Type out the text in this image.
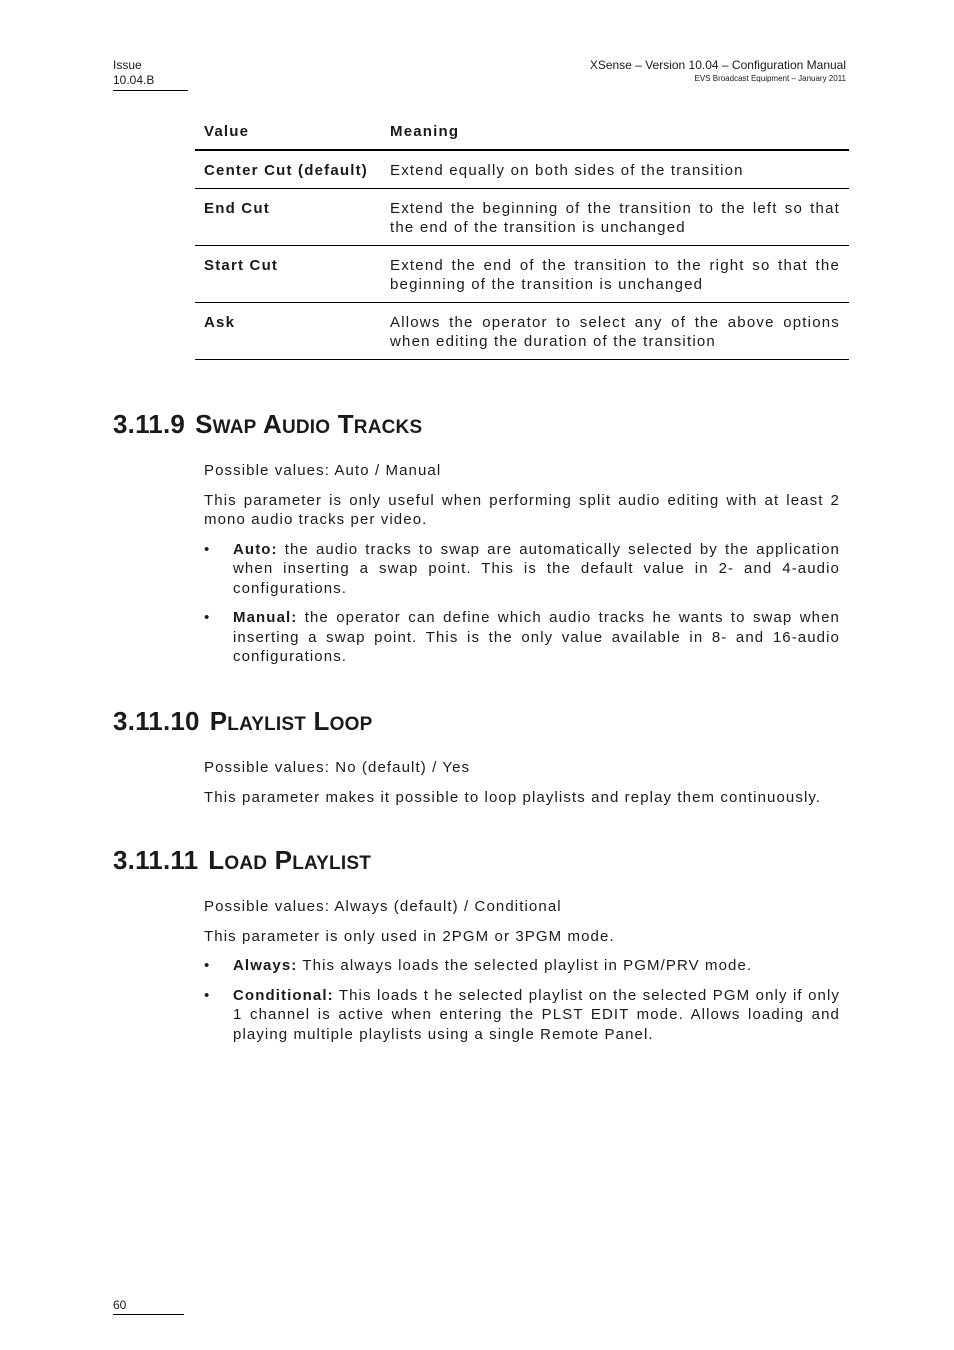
Issue
10.04.B
XSense – Version 10.04 – Configuration Manual
EVS Broadcast Equipment – January 2011
Value	Meaning
Center Cut (default)	Extend equally on both sides of the transition
End Cut	Extend the beginning of the transition to the left so that the end of the transition is unchanged
Start Cut	Extend the end of the transition to the right so that the beginning of the transition is unchanged
Ask	Allows the operator to select any of the above options when editing the duration of the transition
3.11.9 SWAP AUDIO TRACKS

Possible values: Auto / Manual

This parameter is only useful when performing split audio editing with at least 2 mono audio tracks per video.

• Auto: the audio tracks to swap are automatically selected by the application when inserting a swap point. This is the default value in 2- and 4-audio configurations.
• Manual: the operator can define which audio tracks he wants to swap when inserting a swap point. This is the only value available in 8- and 16-audio configurations.
3.11.10 PLAYLIST LOOP

Possible values: No (default) / Yes

This parameter makes it possible to loop playlists and replay them continuously.

3.11.11 LOAD PLAYLIST

Possible values: Always (default) / Conditional

This parameter is only used in 2PGM or 3PGM mode.

• Always: This always loads the selected playlist in PGM/PRV mode.
• Conditional: This loads t he selected playlist on the selected PGM only if only 1 channel is active when entering the PLST EDIT mode. Allows loading and playing multiple playlists using a single Remote Panel.
60
